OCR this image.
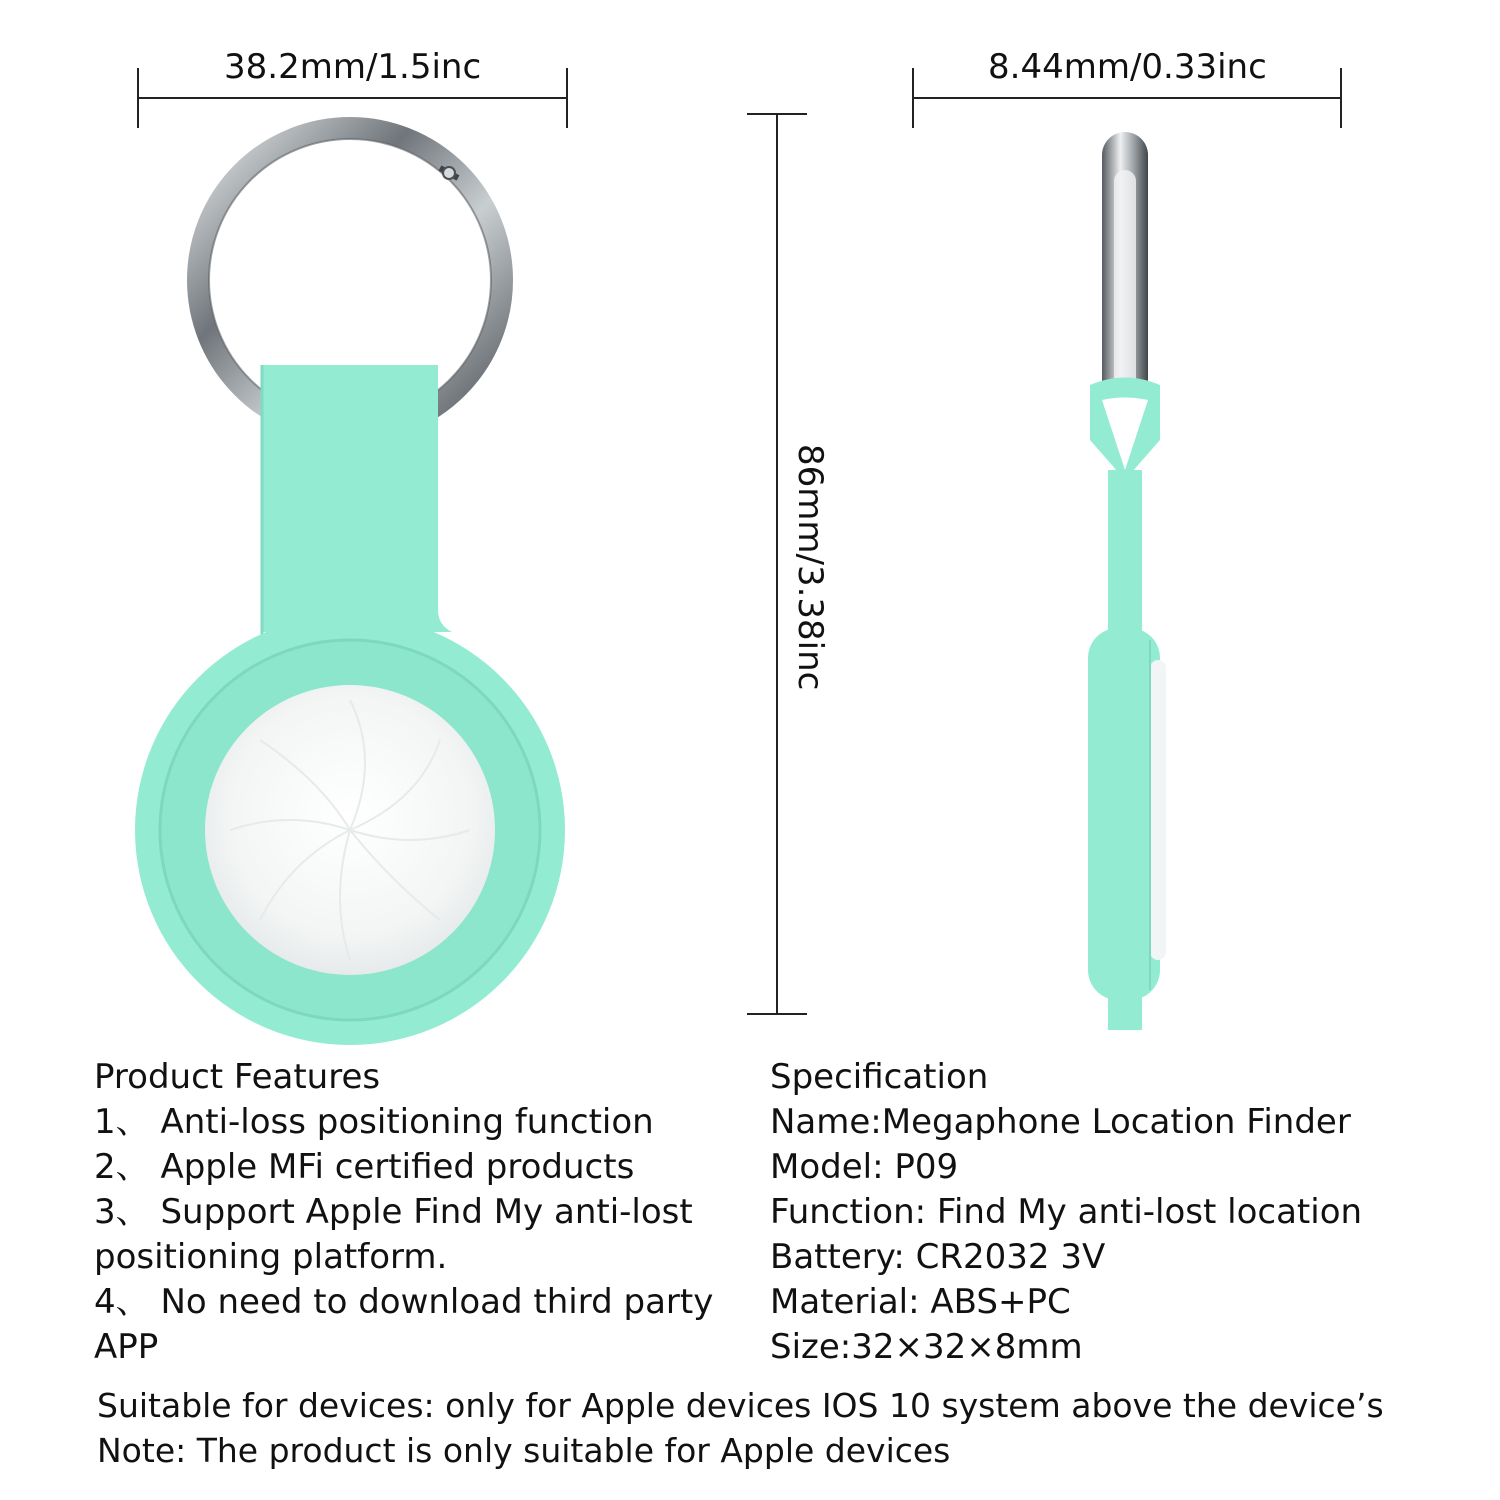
38.2mm/1.5inc	8.44mm/0.33inc
86mm/3.38inc
Product Features
1、 Anti-loss positioning function
2、 Apple MFi certified products
3、 Support Apple Find My anti-lost
positioning platform.
4、 No need to download third party
APP
Specification
Name:Megaphone Location Finder
Model: P09
Function: Find My anti-lost location
Battery: CR2032 3V
Material: ABS+PC
Size:32×32×8mm
Suitable for devices: only for Apple devices IOS 10 system above the device’s
Note: The product is only suitable for Apple devices
